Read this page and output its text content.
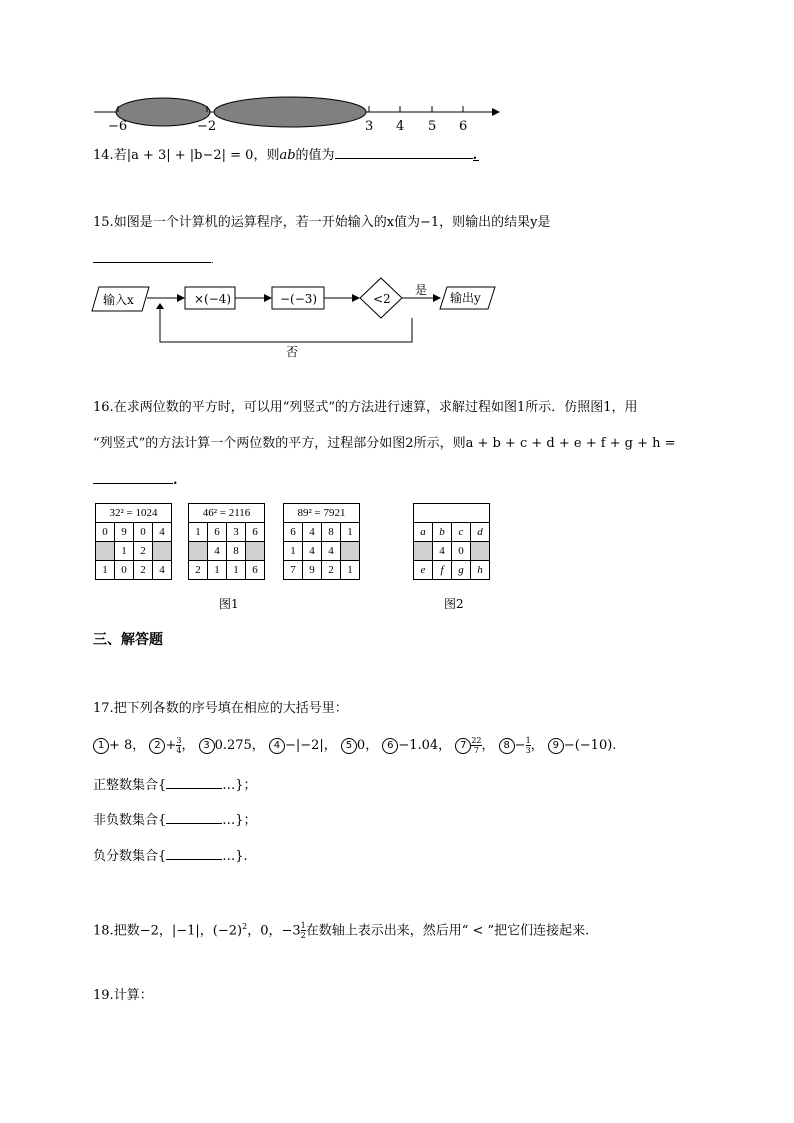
−6	−2	3 4 5 6
14.若|a + 3| + |b−2| = 0，则ab的值为	.
15.如图是一个计算机的运算程序，若一开始输入的x值为−1，则输出的结果y是
.
输入x	×(−4)	−(−3)	<2
是
输出y
否
16.在求两位数的平方时，可以用“列竖式”的方法进行速算，求解过程如图1所示．仿照图1，用
“列竖式”的方法计算一个两位数的平方，过程部分如图2所示，则a + b + c + d + e + f + g + h =
.
32² = 1024			
0	9	0	4
	1	2	
1	0	2	4
46² = 2116			
1	6	3	6
	4	8	
2	1	1	6
89² = 7921			
6	4	8	1
1	4	4	
7	9	2	1

a	b	c	d
	4	0	
e	f	g	h
图1	图2
三、解答题
17.把下列各数的序号填在相应的大括号里：
1 + 8， $2 + \frac{3}{4}$ ， 3 0.275， 4 −|−2|， 5 0， 6 −1.04， $7 \frac{22}{7}$ ， $8 - \frac{1}{3}$ ， 9 −(−10).
正整数集合{	…}；
非负数集合{	…}；
负分数集合{	…}.
18.把数−2，|−1|，$(-2)^2$，0，$-3 \frac{1}{2}$ 在数轴上表示出来，然后用“ < ”把它们连接起来.
19.计算：
